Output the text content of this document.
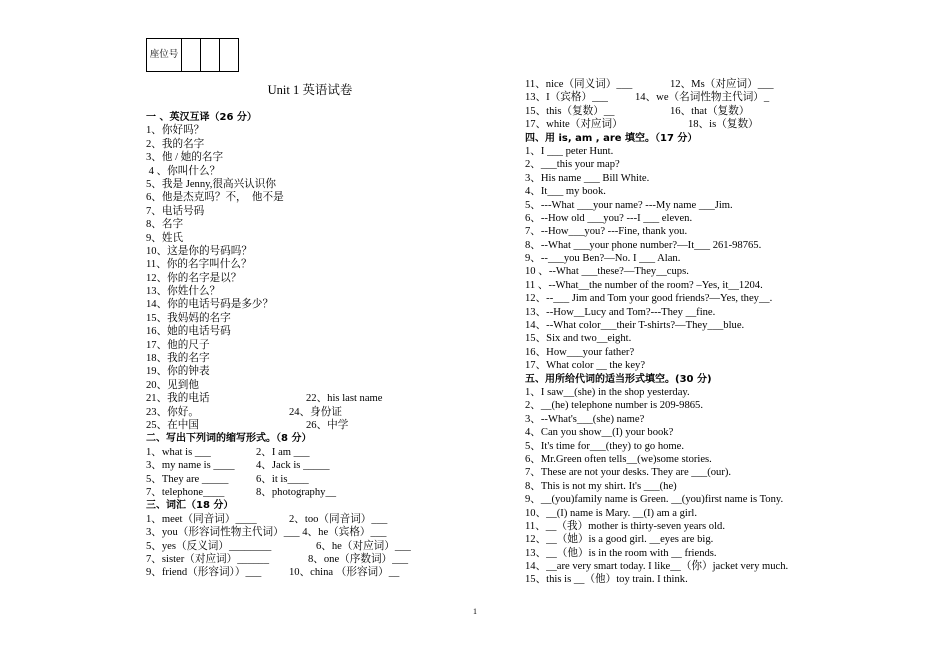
座位号			
Unit 1 英语试卷
一 、英汉互译（26 分）
1、你好吗？
2、我的名字
3、他 / 她的名字
4 、你叫什么？
5、我是 Jenny,很高兴认识你
6、他是杰克吗？不，  他不是
7、电话号码
8、名字
9、姓氏
10、这是你的号码吗？
11、你的名字叫什么？
12、你的名字是以？
13、你姓什么？
14、你的电话号码是多少？
15、我妈妈的名字
16、她的电话号码
17、他的尺子
18、我的名字
19、你的钟表
20、见到他
21、我的电话	22、his last name
23、你好。	24、身份证
25、在中国	26、中学
二、写出下列词的缩写形式。（8 分）
1、what is ___	2、I am ___
3、my name is ____ 4、Jack is _____
5、They are _____	6、it is____
7、telephone____	8、photography__
三、词汇（18 分）
1、meet（同音词）____	2、too（同音词）___
3、you（形容词性物主代词）___ 4、he（宾格）___
5、yes（反义词）________	6、he（对应词）___
7、sister（对应词）______	8、one（序数词）___
9、friend（形容词））___	10、china （形容词）__
11、nice（同义词）___	12、Ms（对应词）___
13、I（宾格）___	14、we（名词性物主代词）_
15、this（复数）__	16、that（复数）
17、white（对应词）	18、is（复数）
四、用 is, am , are 填空。（17 分）
1、I ___ peter Hunt.
2、___this your map?
3、His name ___ Bill White.
4、It___ my book.
5、---What ___your name? ---My name ___Jim.
6、--How old ___you? ---I ___ eleven.
7、--How___you? ---Fine, thank you.
8、--What ___your phone number?—It___ 261-98765.
9、--___you Ben?—No. I ___ Alan.
10 、--What ___these?—They__cups.
11 、--What__the number of the room? –Yes, it__1204.
12、--___ Jim and Tom your good friends?—Yes, they__.
13、--How__Lucy and Tom?---They __fine.
14、--What color___their T-shirts?—They___blue.
15、Six and two__eight.
16、How___your father?
17、What color __ the key?
五、用所给代词的适当形式填空。(30 分)
1、I saw__(she) in the shop yesterday.
2、__(he) telephone number is 209-9865.
3、--What's___(she) name?
4、Can you show__(I) your book?
5、It's time for___(they) to go home.
6、Mr.Green often tells__(we)some stories.
7、These are not your desks. They are ___(our).
8、This is not my shirt. It's ___(he)
9、__(you)family name is Green. __(you)first name is Tony.
10、__(I) name is Mary. __(I) am a girl.
11、__（我）mother is thirty-seven years old.
12、__（她）is a good girl. __eyes are big.
13、__（他）is in the room with __ friends.
14、__are very smart today. I like__（你）jacket very much.
15、this is __（他）toy train. I think.
1
